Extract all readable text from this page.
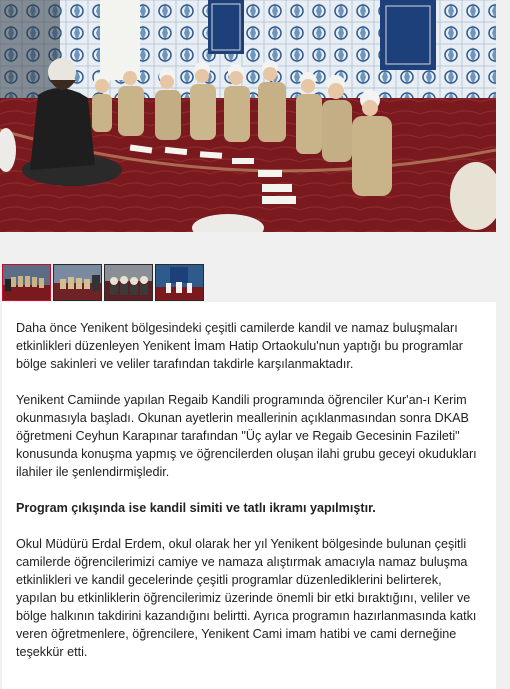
Daha önce Yenikent bölgesindeki çeşitli camilerde kandil ve namaz buluşmaları etkinlikleri düzenleyen Yenikent İmam Hatip Ortaokulu'nun yaptığı bu programlar bölge sakinleri ve veliler tarafından takdirle karşılanmaktadır.

Yenikent Camiinde yapılan Regaib Kandili programında öğrenciler Kur'an-ı Kerim okunmasıyla başladı. Okunan ayetlerin meallerinin açıklanmasından sonra DKAB öğretmeni Ceyhun Karapınar tarafından "Üç aylar ve Regaib Gecesinin Fazileti" konusunda konuşma yapmış ve öğrencilerden oluşan ilahi grubu geceyi okudukları ilahiler ile şenlendirmişledir.

Program çıkışında ise kandil simiti ve tatlı ikramı yapılmıştır.

Okul Müdürü Erdal Erdem, okul olarak her yıl Yenikent bölgesinde bulunan çeşitli camilerde öğrencilerimizi camiye ve namaza alıştırmak amacıyla namaz buluşma etkinlikleri ve kandil gecelerinde çeşitli programlar düzenlediklerini belirterek, yapılan bu etkinliklerin öğrencilerimiz üzerinde önemli bir etki bıraktığını, veliler ve bölge halkının takdirini kazandığını belirtti. Ayrıca programın hazırlanmasında katkı veren öğretmenlere, öğrencilere, Yenikent Cami imam hatibi ve cami derneğine teşekkür etti.
